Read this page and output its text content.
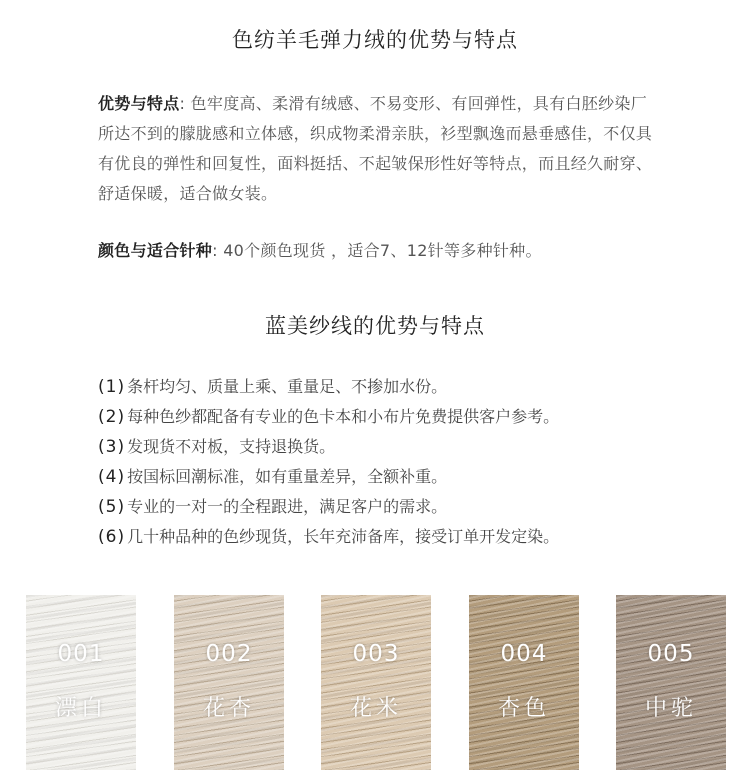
色纺羊毛弹力绒的优势与特点
优势与特点: 色牢度高、柔滑有绒感、不易变形、有回弹性，具有白胚纱染厂所达不到的朦胧感和立体感，织成物柔滑亲肤，衫型飘逸而悬垂感佳，不仅具有优良的弹性和回复性，面料挺括、不起皱保形性好等特点，而且经久耐穿、舒适保暖，适合做女装。
颜色与适合针种: 40个颜色现货 ，适合7、12针等多种针种。
蓝美纱线的优势与特点
(1) 条杆均匀、质量上乘、重量足、不掺加水份。
(2) 每种色纱都配备有专业的色卡本和小布片免费提供客户参考。
(3) 发现货不对板，支持退换货。
(4) 按国标回潮标准，如有重量差异，全额补重。
(5) 专业的一对一的全程跟进，满足客户的需求。
(6) 几十种品种的色纱现货，长年充沛备库，接受订单开发定染。
001
漂白
002
花杏
003
花米
004
杏色
005
中驼
